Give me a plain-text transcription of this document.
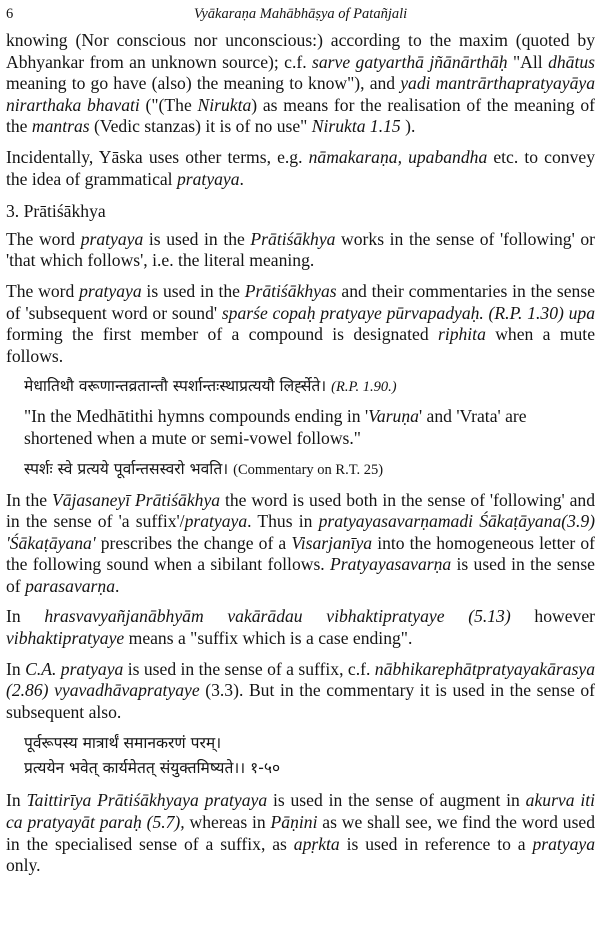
6	Vyākaraṇa Mahābhāṣya of Patañjali

knowing (Nor conscious nor unconscious:) according to the maxim (quoted by Abhyankar from an unknown source); c.f. sarve gatyarthā jñānārthāḥ "All dhātus meaning to go have (also) the meaning to know"), and yadi mantrārthapratyayāya nirarthaka bhavati ("(The Nirukta) as means for the realisation of the meaning of the mantras (Vedic stanzas) it is of no use" Nirukta 1.15 ).

Incidentally, Yāska uses other terms, e.g. nāmakaraṇa, upabandha etc. to convey the idea of grammatical pratyaya.

3. Prātiśākhya

The word pratyaya is used in the Prātiśākhya works in the sense of 'following' or 'that which follows', i.e. the literal meaning.

The word pratyaya is used in the Prātiśākhyas and their commentaries in the sense of 'subsequent word or sound' sparśe copaḥ pratyaye pūrvapadyaḥ. (R.P. 1.30) upa forming the first member of a compound is designated riphita when a mute follows.

मेधातिथौ वरूणान्तव्रतान्तौ स्पर्शान्तःस्थाप्रत्ययौ लिर्ह्सेते। (R.P. 1.90.)

"In the Medhātithi hymns compounds ending in 'Varuṇa' and 'Vrata' are shortened when a mute or semi-vowel follows."

स्पर्शः स्वे प्रत्यये पूर्वान्तसस्वरो भवति। (Commentary on R.T. 25)

In the Vājasaneyī Prātiśākhya the word is used both in the sense of 'following' and in the sense of 'a suffix'/pratyaya. Thus in pratyayasavarṇamadi Śākaṭāyana(3.9) 'Śākaṭāyana' prescribes the change of a Visarjanīya into the homogeneous letter of the following sound when a sibilant follows. Pratyayasavarṇa is used in the sense of parasavarṇa.

In hrasvavyañjanābhyām vakārādau vibhaktipratyaye (5.13) however vibhaktipratyaye means a "suffix which is a case ending".

In C.A. pratyaya is used in the sense of a suffix, c.f. nābhikarephātpratyayakārasya (2.86) vyavadhāvapratyaye (3.3). But in the commentary it is used in the sense of subsequent also.

पूर्वरूपस्य मात्रार्थं समानकरणं परम्।
प्रत्ययेन भवेत् कार्यमेतत् संयुक्तमिष्यते।। १-५०

In Taittirīya Prātiśākhyaya pratyaya is used in the sense of augment in akurva iti ca pratyayāt paraḥ (5.7), whereas in Pāṇini as we shall see, we find the word used in the specialised sense of a suffix, as apṛkta is used in reference to a pratyaya only.
